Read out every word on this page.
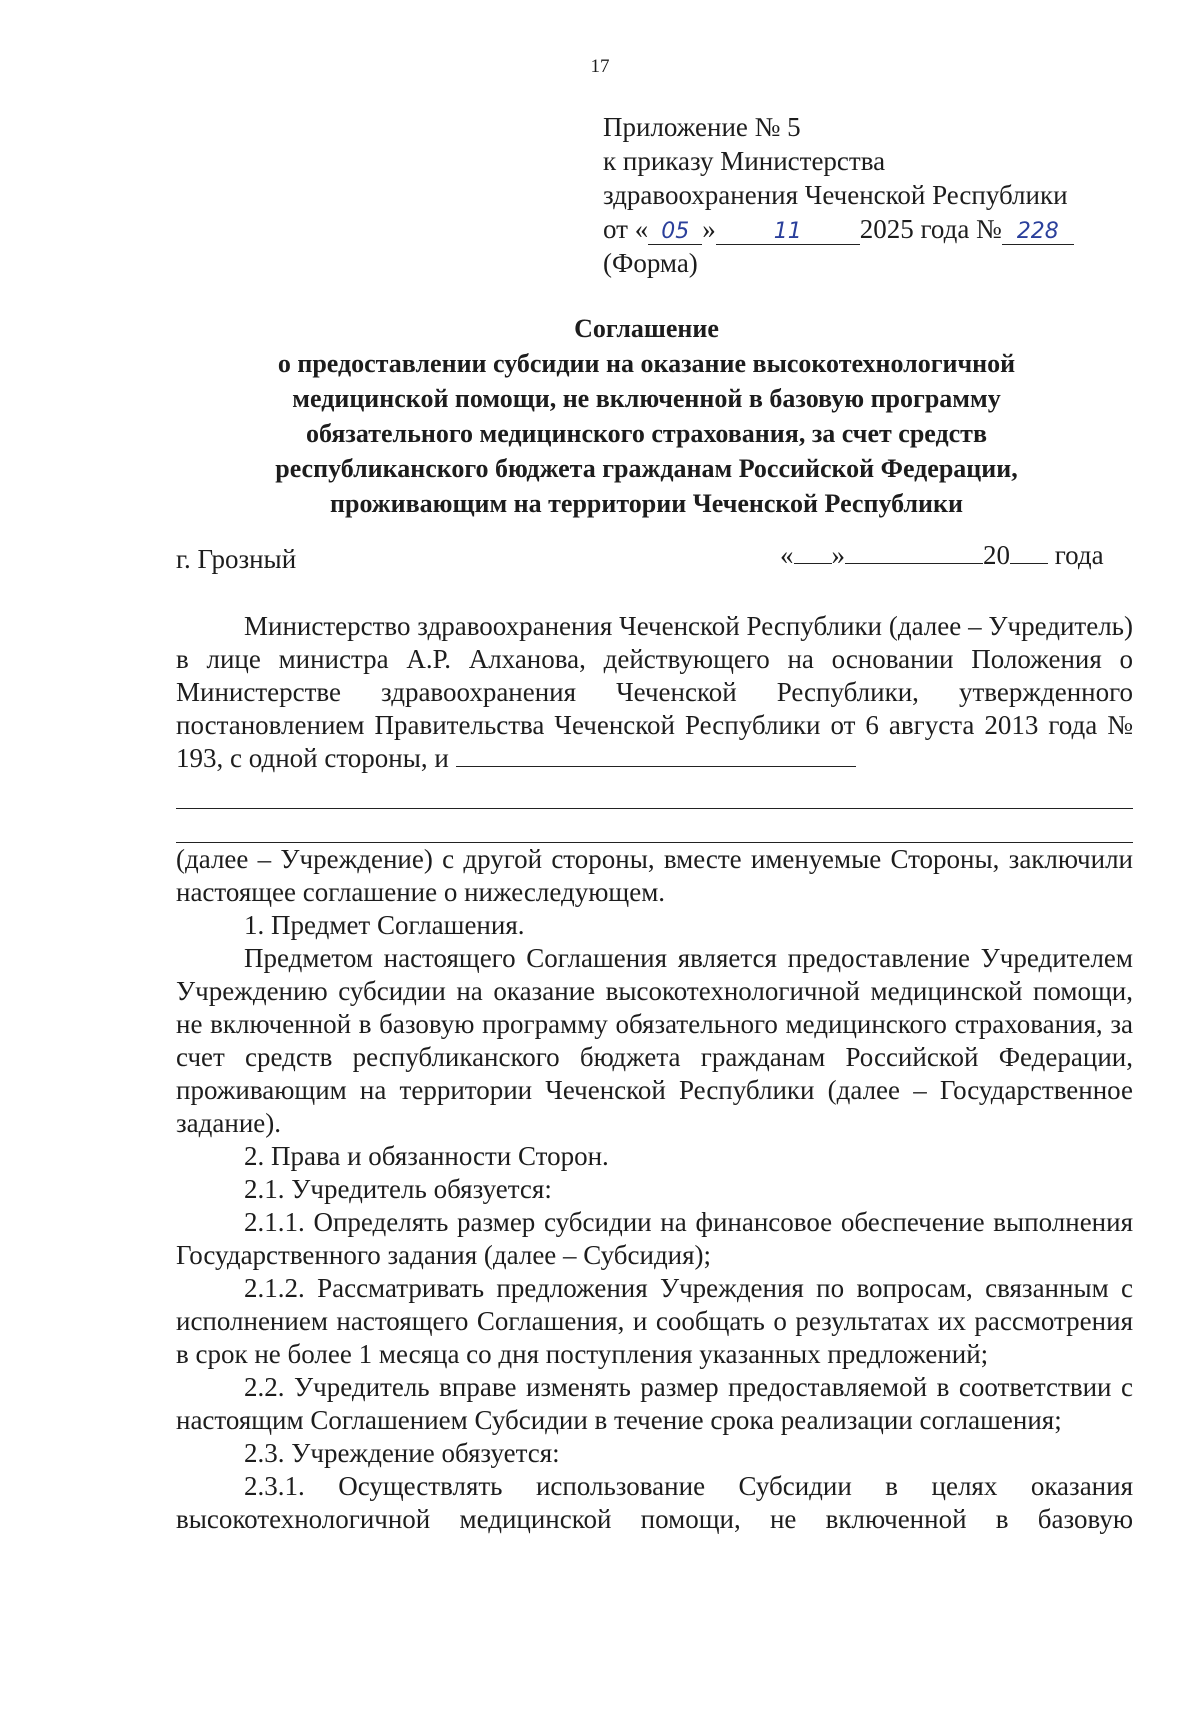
17
Приложение № 5
к приказу Министерства
здравоохранения Чеченской Республики
от « 05 »	11 2025 года № 228
(Форма)
Соглашение
о предоставлении субсидии на оказание высокотехнологичной
медицинской помощи, не включенной в базовую программу
обязательного медицинского страхования, за счет средств
республиканского бюджета гражданам Российской Федерации,
проживающим на территории Чеченской Республики
г. Грозный	« »	20 года

Министерство здравоохранения Чеченской Республики (далее – Учредитель) в лице министра А.Р. Алханова, действующего на основании Положения о Министерстве здравоохранения Чеченской Республики, утвержденного постановлением Правительства Чеченской Республики от 6 августа 2013 года № 193, с одной стороны, и

(далее – Учреждение) с другой стороны, вместе именуемые Стороны, заключили настоящее соглашение о нижеследующем.

1. Предмет Соглашения.

Предметом настоящего Соглашения является предоставление Учредителем Учреждению субсидии на оказание высокотехнологичной медицинской помощи, не включенной в базовую программу обязательного медицинского страхования, за счет средств республиканского бюджета гражданам Российской Федерации, проживающим на территории Чеченской Республики (далее – Государственное задание).

2. Права и обязанности Сторон.

2.1. Учредитель обязуется:

2.1.1. Определять размер субсидии на финансовое обеспечение выполнения Государственного задания (далее – Субсидия);

2.1.2. Рассматривать предложения Учреждения по вопросам, связанным с исполнением настоящего Соглашения, и сообщать о результатах их рассмотрения в срок не более 1 месяца со дня поступления указанных предложений;

2.2. Учредитель вправе изменять размер предоставляемой в соответствии с настоящим Соглашением Субсидии в течение срока реализации соглашения;

2.3. Учреждение обязуется:

2.3.1. Осуществлять использование Субсидии в целях оказания высокотехнологичной медицинской помощи, не включенной в базовую
